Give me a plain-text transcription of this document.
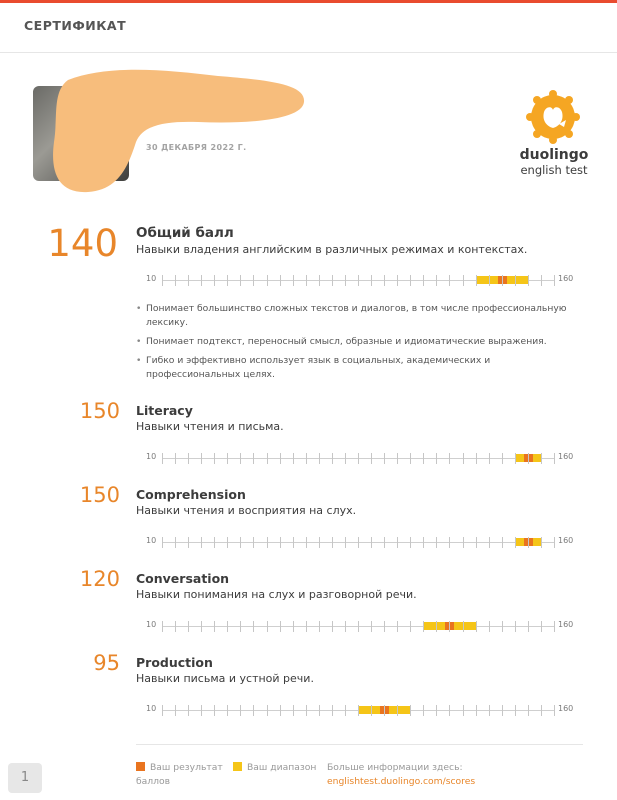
СЕРТИФИКАТ
30 ДЕКАБРЯ 2022 Г.	duolingo
english test
140 Общий балл
Навыки владения английским в различных режимах и контекстах.
10	160
• Понимает большинство сложных текстов и диалогов, в том числе профессиональную лексику.
• Понимает подтекст, переносный смысл, образные и идиоматические выражения.
• Гибко и эффективно использует язык в социальных, академических и профессиональных целях.
150 Literacy
Навыки чтения и письма.
10	160
150 Comprehension
Навыки чтения и восприятия на слух.
10	160
120 Conversation
Навыки понимания на слух и разговорной речи.
10	160
95 Production
Навыки письма и устной речи.
10	160
Ваш результат баллов
Ваш диапазон	Больше информации здесь:
englishtest.duolingo.com/scores
1
